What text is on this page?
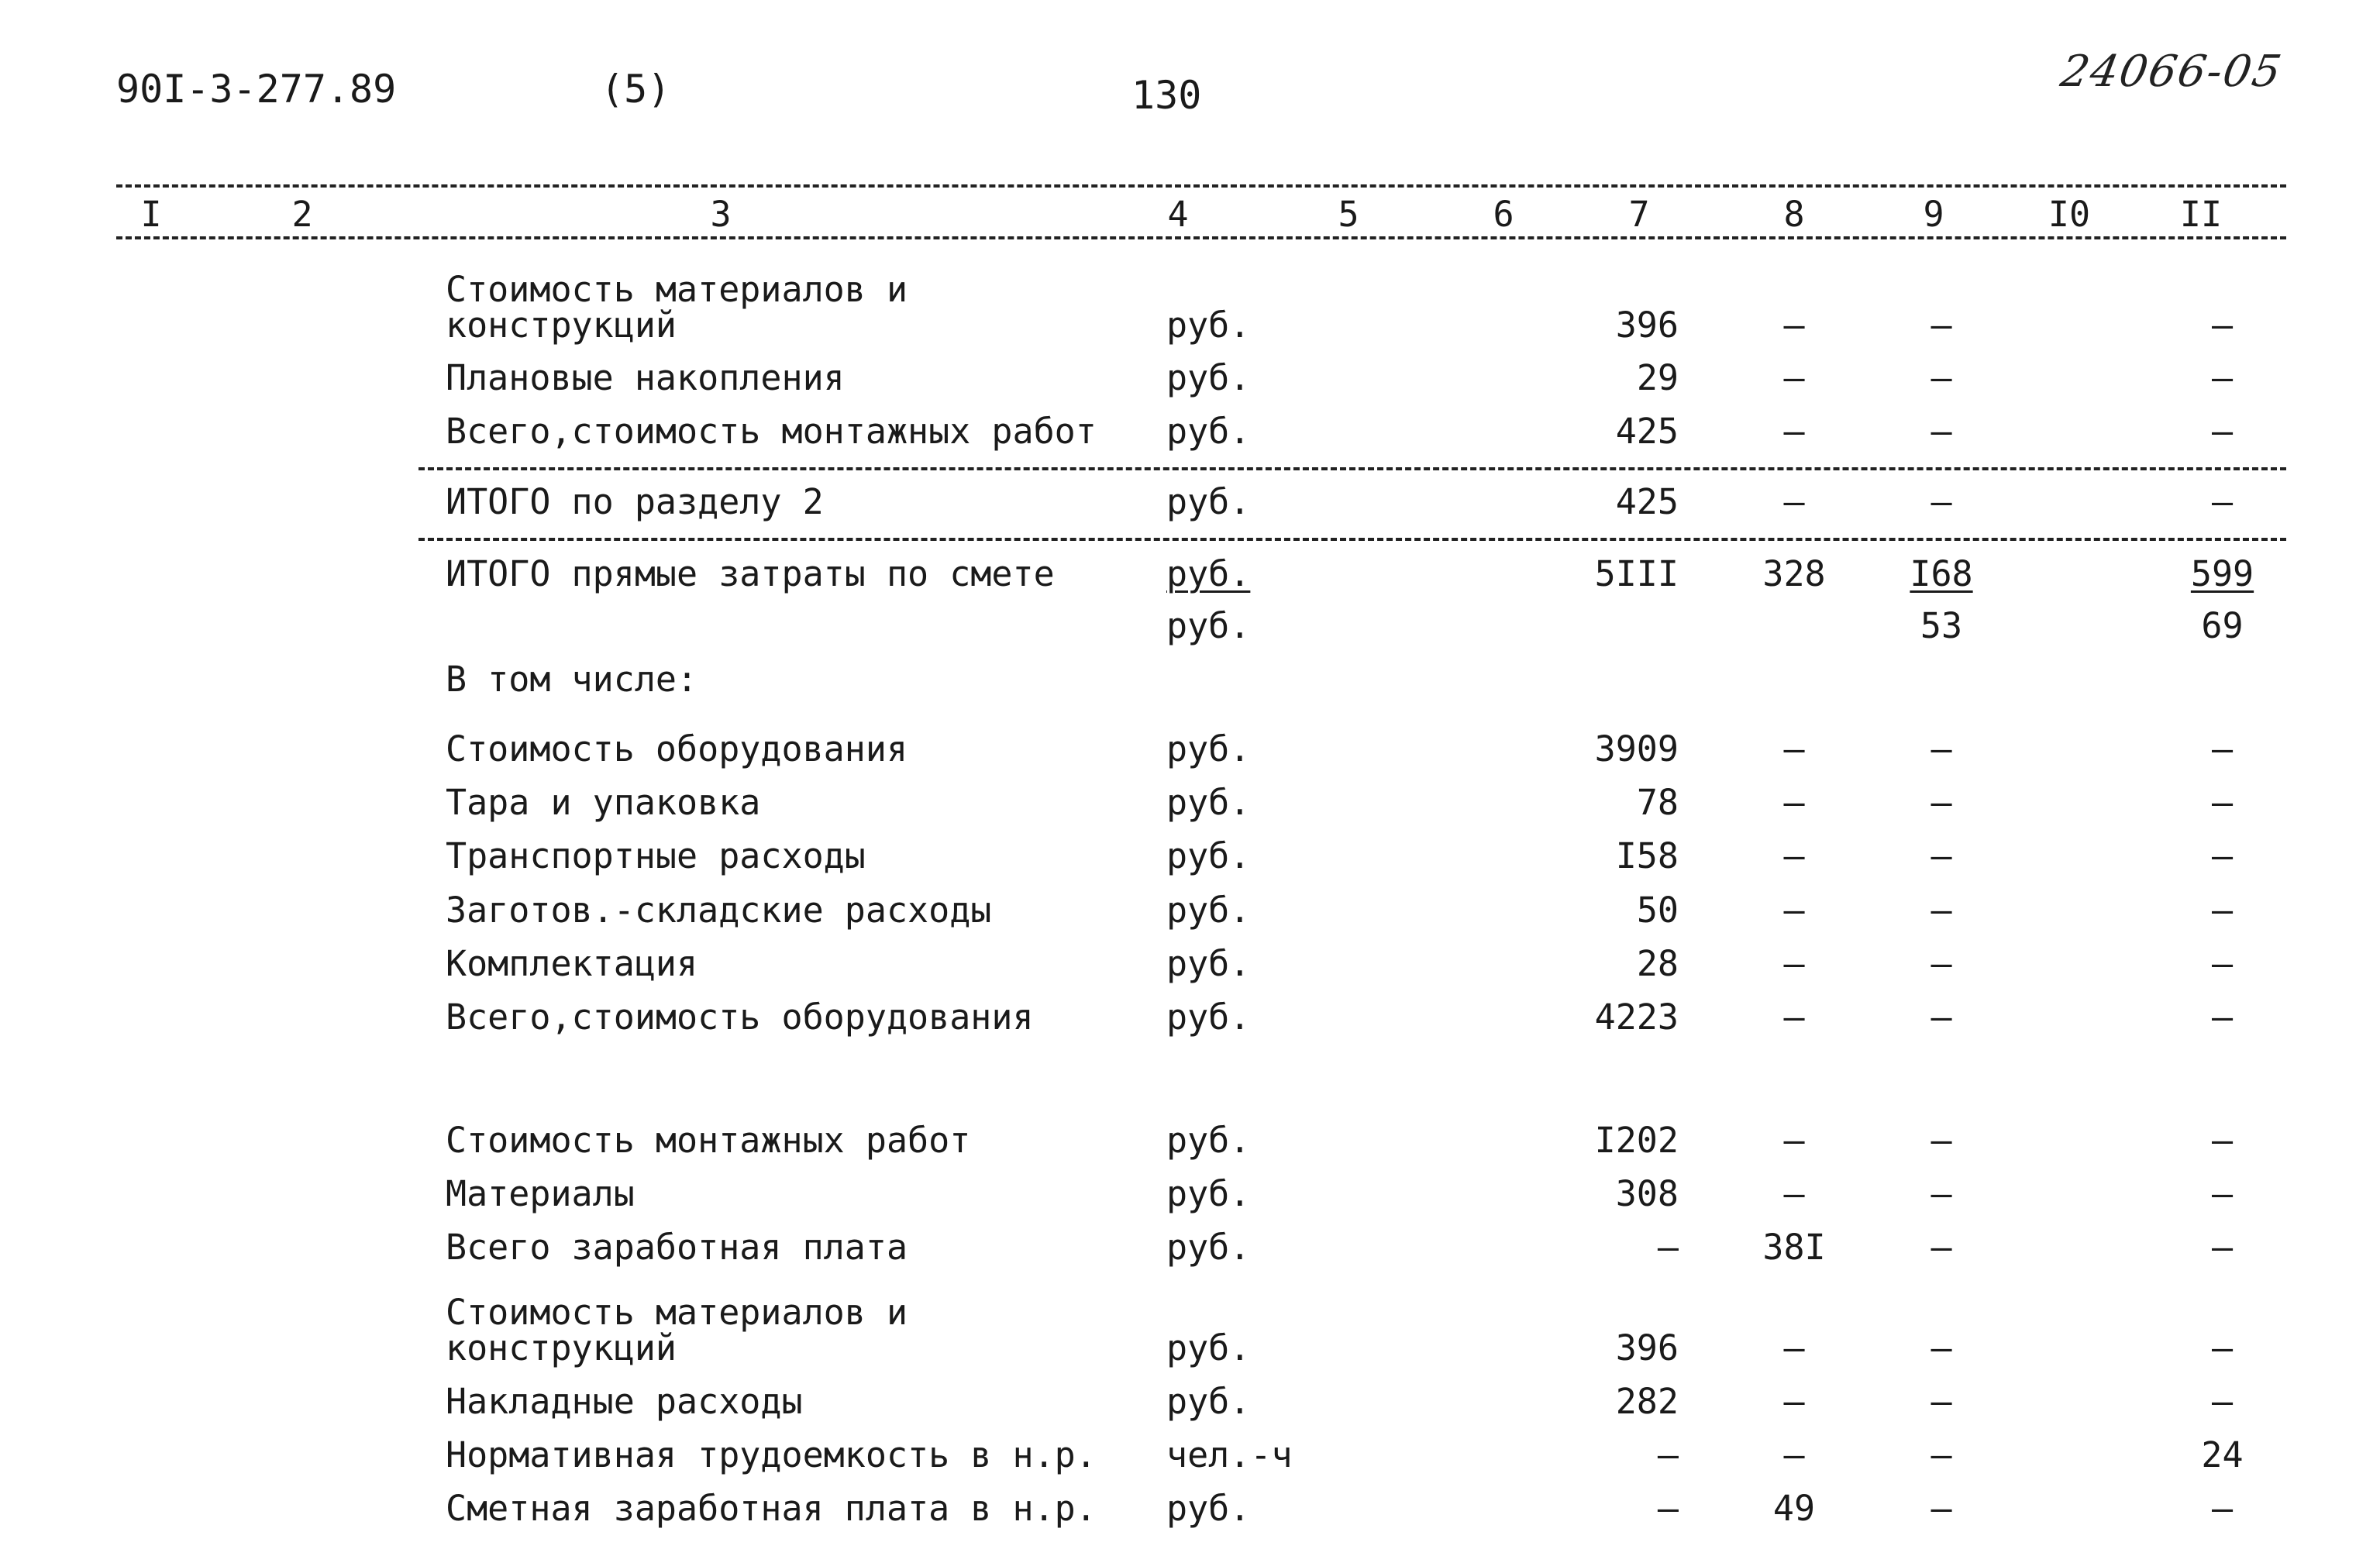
90I-3-277.89	(5)	130	24066-05
I	2	3	4	5	6	7	8	9	I0	II
Стоимость материалов и
конструкций	руб.	396	–	–	–
Плановые накопления	руб.	29	–	–	–
Всего,стоимость монтажных работ руб.	425	–	–	–
ИТОГО по разделу 2	руб.	425	–	–	–
ИТОГО прямые затраты по смете	руб.	5III	328	I68	599
руб.	53	69
В том числе:
Стоимость оборудования	руб.	3909	–	–	–
Тара и упаковка	руб.	78	–	–	–
Транспортные расходы	руб.	I58	–	–	–
Заготов.-складские расходы	руб.	50	–	–	–
Комплектация	руб.	28	–	–	–
Всего,стоимость оборудования	руб.	4223	–	–	–
Стоимость монтажных работ	руб.	I202	–	–	–
Материалы	руб.	308	–	–	–
Всего заработная плата	руб.	–	38I	–	–
Стоимость материалов и
конструкций	руб.	396	–	–	–
Накладные расходы	руб.	282	–	–	–
Нормативная трудоемкость в н.р. чел.-ч	–	–	–	24
Сметная заработная плата в н.р. руб.	–	49	–	–
